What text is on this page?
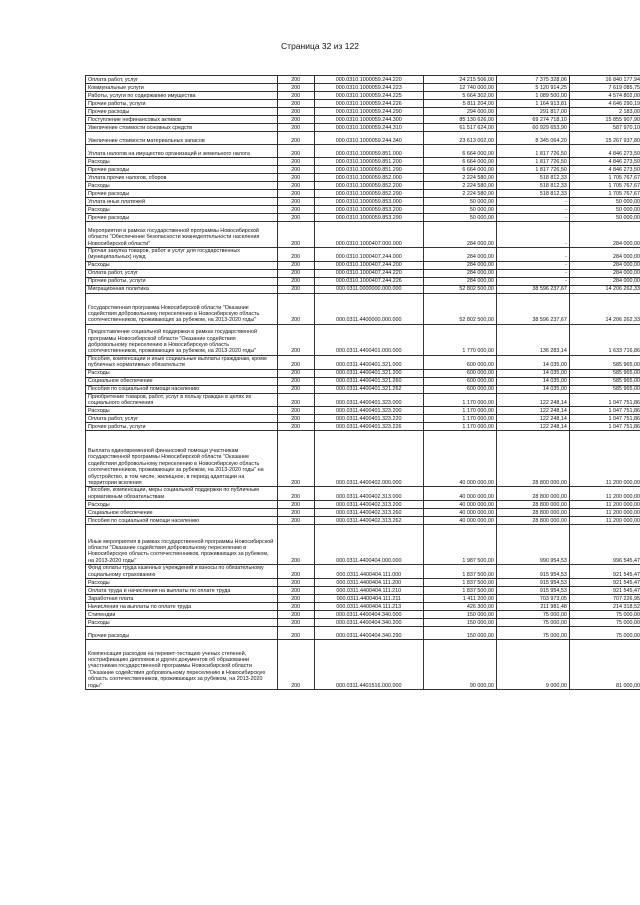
Страница 32 из 122
Оплата работ, услуг	200	000.0310.1000059.244.220	24 215 506,00	7 375 328,06	16 840 177,94
Коммунальные услуги	200	000.0310.1000059.244.223	12 740 000,00	5 120 914,25	7 619 085,75
Работы, услуги по содержанию имущества	200	000.0310.1000059.244.225	5 664 302,00	1 089 500,00	4 574 802,00
Прочие работы, услуги	200	000.0310.1000059.244.226	5 811 204,00	1 164 913,81	4 646 290,19
Прочие расходы	200	000.0310.1000059.244.290	294 000,00	291 817,00	2 183,00
Поступление нефинансовых активов	200	000.0310.1000059.244.300	85 130 626,00	69 274 718,10	15 855 907,90
Увеличение стоимости основных средств	200	000.0310.1000059.244.310	61 517 624,00	60 929 653,90	587 970,10
Увеличение стоимости материальных запасов	200	000.0310.1000059.244.340	23 613 002,00	8 345 064,20	15 267 937,80
Уплата налогов на имущество организаций и земельного налога	200	000.0310.1000059.851.000	6 664 000,00	1 817 726,50	4 846 273,50
Расходы	200	000.0310.1000059.851.200	6 664 000,00	1 817 726,50	4 846 273,50
Прочие расходы	200	000.0310.1000059.851.290	6 664 000,00	1 817 726,50	4 846 273,50
Уплата прочих налогов, сборов	200	000.0310.1000059.852.000	2 224 580,00	518 812,33	1 705 767,67
Расходы	200	000.0310.1000059.852.200	2 224 580,00	518 812,33	1 705 767,67
Прочие расходы	200	000.0310.1000059.852.290	2 224 580,00	518 812,33	1 705 767,67
Уплата иных платежей	200	000.0310.1000059.853.000	50 000,00	-	50 000,00
Расходы	200	000.0310.1000059.853.200	50 000,00	-	50 000,00
Прочие расходы	200	000.0310.1000059.853.290	50 000,00	-	50 000,00
Мероприятия в рамках государственной программы Новосибирской области "Обеспечение безопасности жизнедеятельности населения Новосибирской области"	200	000.0310.1000407.000.000	284 000,00	-	284 000,00
Прочая закупка товаров, работ и услуг для государственных (муниципальных) нужд	200	000.0310.1000407.244.000	284 000,00	-	284 000,00
Расходы	200	000.0310.1000407.244.200	284 000,00	-	284 000,00
Оплата работ, услуг	200	000.0310.1000407.244.220	284 000,00	-	284 000,00
Прочие работы, услуги	200	000.0310.1000407.244.226	284 000,00	-	284 000,00
Миграционная политика	200	000.0311.0000000.000.000	52 802 500,00	38 596 237,67	14 206 262,33
Государственная программа Новосибирской области "Оказание содействия добровольному переселению в Новосибирскую область соотечественников, проживающих за рубежом, на 2013-2020 годы"	200	000.0311.4400000.000.000	52 802 500,00	38 596 237,67	14 206 262,33
Предоставление социальной поддержки в рамках государственной программы Новосибирской области "Оказание содействия добровольному переселению в Новосибирскую область соотечественников, проживающих за рубежом, на 2013-2020 годы"	200	000.0311.4400401.000.000	1 770 000,00	136 283,14	1 633 716,86
Пособия, компенсации и иные социальные выплаты гражданам, кроме публичных нормативных обязательств	200	000.0311.4400401.321.000	600 000,00	14 035,00	585 965,00
Расходы	200	000.0311.4400401.321.200	600 000,00	14 035,00	585 965,00
Социальное обеспечение	200	000.0311.4400401.321.260	600 000,00	14 035,00	585 965,00
Пособия по социальной помощи населению	200	000.0311.4400401.321.262	600 000,00	14 035,00	585 965,00
Приобретение товаров, работ, услуг в пользу граждан в целях их социального обеспечения	200	000.0311.4400401.323.000	1 170 000,00	122 248,14	1 047 751,86
Расходы	200	000.0311.4400401.323.200	1 170 000,00	122 248,14	1 047 751,86
Оплата работ, услуг	200	000.0311.4400401.323.220	1 170 000,00	122 248,14	1 047 751,86
Прочие работы, услуги	200	000.0311.4400401.323.226	1 170 000,00	122 248,14	1 047 751,86
Выплата единовременной финансовой помощи участникам государственной программы Новосибирской области "Оказание содействия добровольному переселению в Новосибирскую область соотечественников, проживающих за рубежом, на 2013-2020 годы" на обустройство, в том числе, жилищное, в период адаптации на территории вселения	200	000.0311.4400402.000.000	40 000 000,00	28 800 000,00	11 200 000,00
Пособия, компенсации, меры социальной поддержки по публичным нормативным обязательствам	200	000.0311.4400402.313.000	40 000 000,00	28 800 000,00	11 200 000,00
Расходы	200	000.0311.4400402.313.200	40 000 000,00	28 800 000,00	11 200 000,00
Социальное обеспечение	200	000.0311.4400402.313.260	40 000 000,00	28 800 000,00	11 200 000,00
Пособия по социальной помощи населению	200	000.0311.4400402.313.262	40 000 000,00	28 800 000,00	11 200 000,00
Иные мероприятия в рамках государственной программы Новосибирской области "Оказание содействия добровольному переселению в Новосибирскую область соотечественников, проживающих за рубежом, на 2013-2020 годы"	200	000.0311.4400404.000.000	1 987 500,00	990 954,53	996 545,47
Фонд оплаты труда казенных учреждений и взносы по обязательному социальному страхованию	200	000.0311.4400404.111.000	1 837 500,00	915 954,53	921 545,47
Расходы	200	000.0311.4400404.111.200	1 837 500,00	915 954,53	921 545,47
Оплата труда и начисления на выплаты по оплате труда	200	000.0311.4400404.111.210	1 837 500,00	915 954,53	921 545,47
Заработная плата	200	000.0311.4400404.111.211	1 411 200,00	703 973,05	707 226,95
Начисления на выплаты по оплате труда	200	000.0311.4400404.111.213	426 300,00	211 981,48	214 318,52
Стипендии	200	000.0311.4400404.340.000	150 000,00	75 000,00	75 000,00
Расходы	200	000.0311.4400404.340.200	150 000,00	75 000,00	75 000,00
Прочие расходы	200	000.0311.4400404.340.290	150 000,00	75 000,00	75 000,00
Компенсация расходов на перевет-тестацию ученых степеней, нострификацию дипломов и других документов об образовании участникам государственной программы Новосибирской области "Оказание содействия добровольному переселению в Новосибирскую область соотечественников, проживающих за рубежом, на 2013-2020 годы"	200	000.0311.4401516.000.000	90 000,00	9 000,00	81 000,00
